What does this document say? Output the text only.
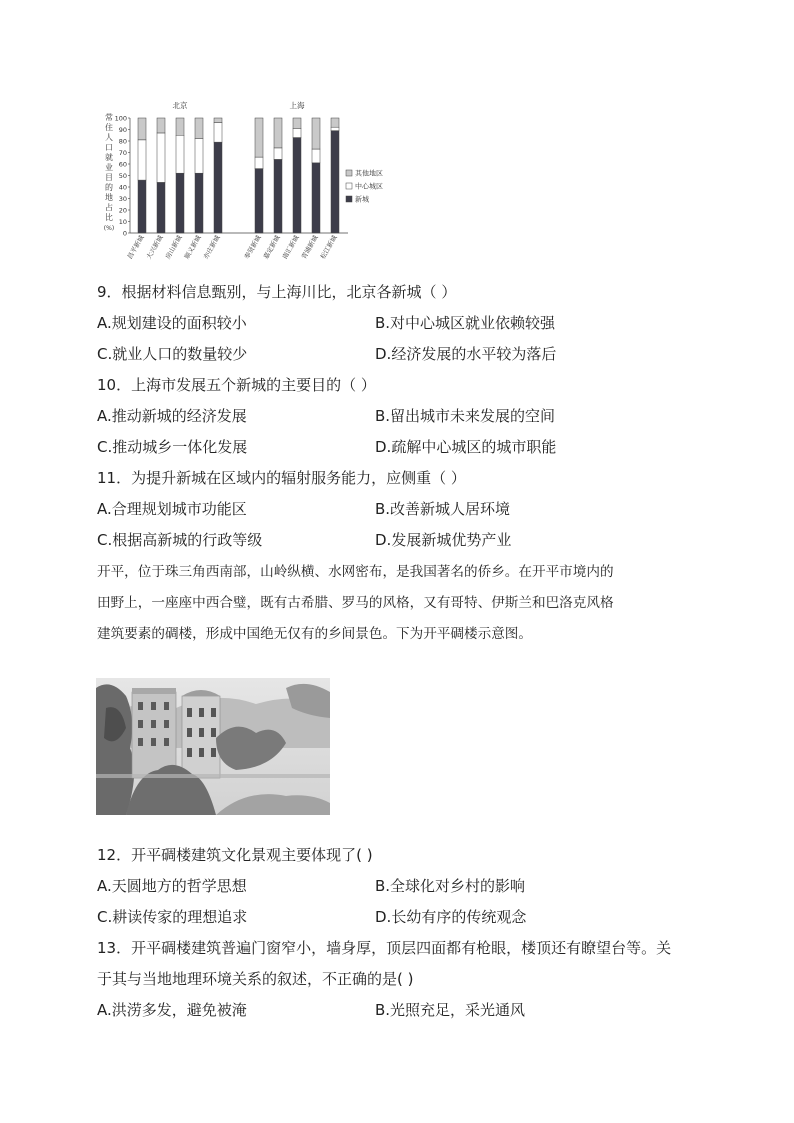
常
住
人
口
就
业
目
的
地
占
比
(%)
0
10
20
30
40
50
60
70
80
90
100
北京
昌平新城 大兴新城 房山新城 顺义新城 亦庄新城
上海
奉贤新城 嘉定新城 南汇新城 青浦新城 松江新城
其他地区
中心城区
新城
9．根据材料信息甄别，与上海川比，北京各新城（ ）
A.规划建设的面积较小	B.对中心城区就业依赖较强
C.就业人口的数量较少	D.经济发展的水平较为落后
10．上海市发展五个新城的主要目的（ ）
A.推动新城的经济发展	B.留出城市未来发展的空间
C.推动城乡一体化发展	D.疏解中心城区的城市职能
11．为提升新城在区域内的辐射服务能力，应侧重（ ）
A.合理规划城市功能区	B.改善新城人居环境
C.根据高新城的行政等级	D.发展新城优势产业
开平，位于珠三角西南部，山岭纵横、水网密布，是我国著名的侨乡。在开平市境内的
田野上，一座座中西合璧，既有古希腊、罗马的风格，又有哥特、伊斯兰和巴洛克风格
建筑要素的碉楼，形成中国绝无仅有的乡间景色。下为开平碉楼示意图。
12．开平碉楼建筑文化景观主要体现了( )
A.天圆地方的哲学思想	B.全球化对乡村的影响
C.耕读传家的理想追求	D.长幼有序的传统观念
13．开平碉楼建筑普遍门窗窄小，墙身厚，顶层四面都有枪眼，楼顶还有瞭望台等。关
于其与当地地理环境关系的叙述，不正确的是( )
A.洪涝多发，避免被淹	B.光照充足，采光通风
